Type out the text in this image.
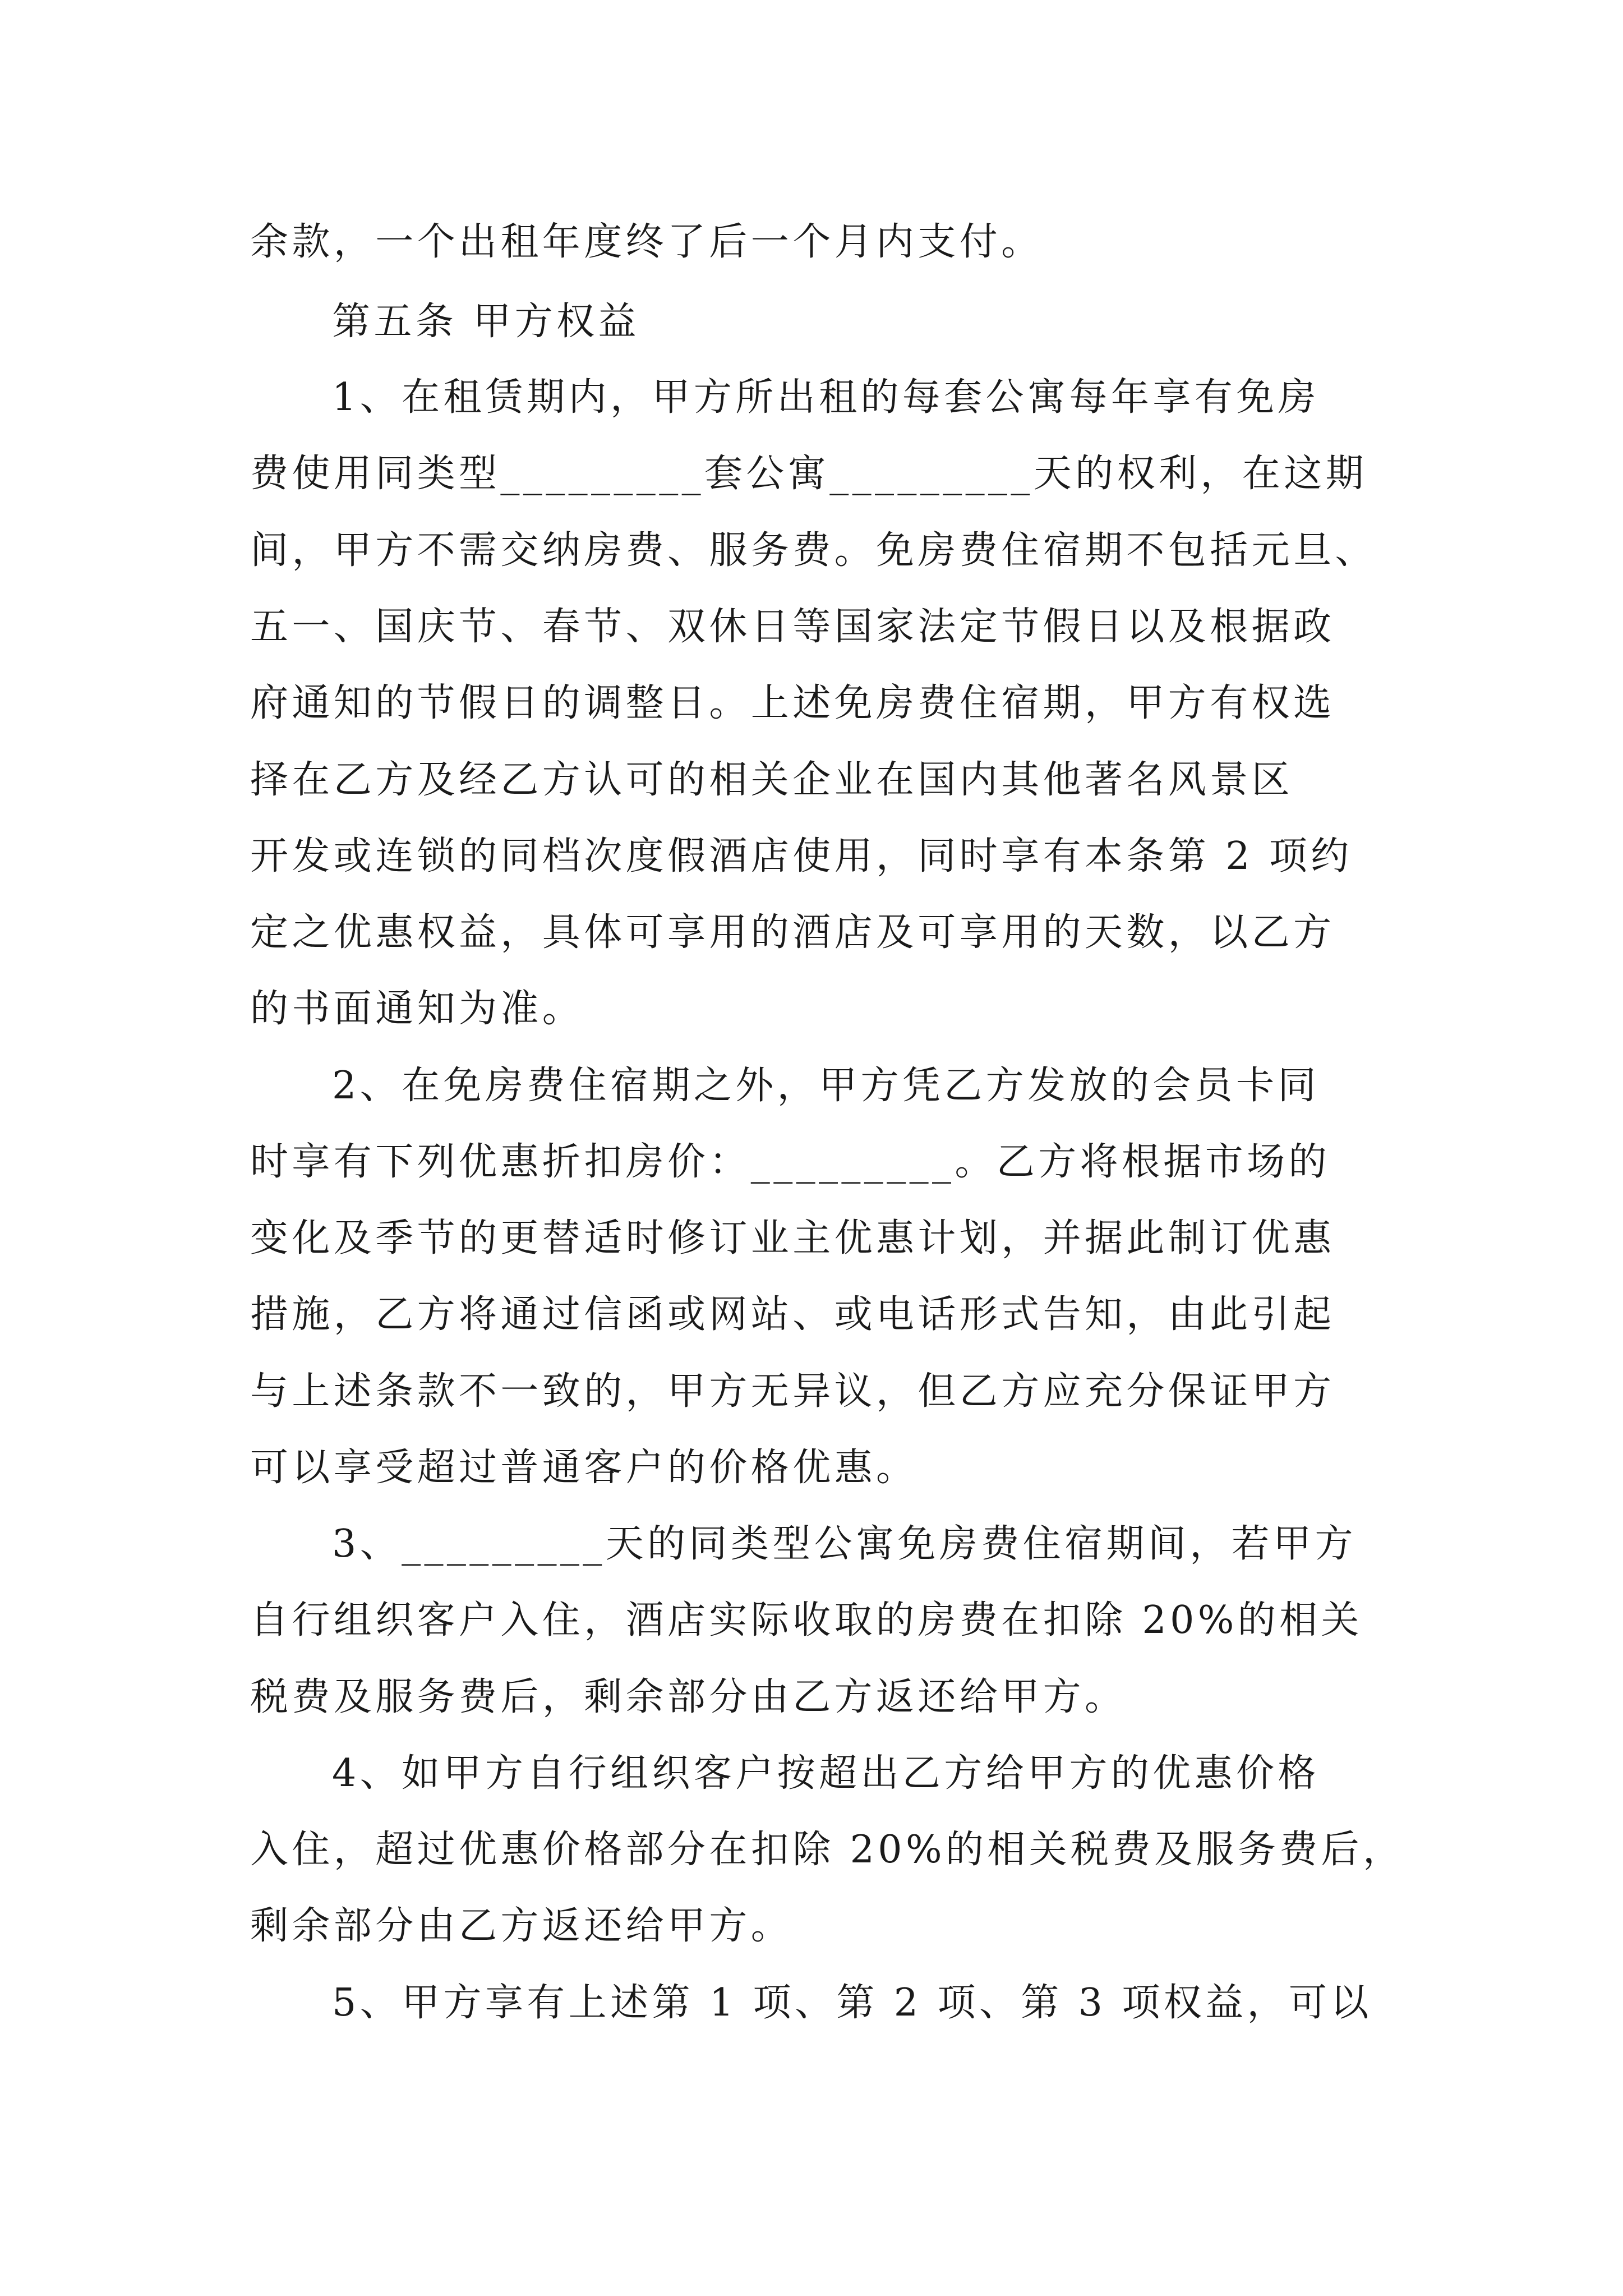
余款，一个出租年度终了后一个月内支付。

第五条 甲方权益

1、在租赁期内，甲方所出租的每套公寓每年享有免房

费使用同类型_________套公寓_________天的权利，在这期

间，甲方不需交纳房费、服务费。免房费住宿期不包括元旦、

五一、国庆节、春节、双休日等国家法定节假日以及根据政

府通知的节假日的调整日。上述免房费住宿期，甲方有权选

择在乙方及经乙方认可的相关企业在国内其他著名风景区

开发或连锁的同档次度假酒店使用，同时享有本条第 2 项约

定之优惠权益，具体可享用的酒店及可享用的天数，以乙方

的书面通知为准。

2、在免房费住宿期之外，甲方凭乙方发放的会员卡同

时享有下列优惠折扣房价：_________。乙方将根据市场的

变化及季节的更替适时修订业主优惠计划，并据此制订优惠

措施，乙方将通过信函或网站、或电话形式告知，由此引起

与上述条款不一致的，甲方无异议，但乙方应充分保证甲方

可以享受超过普通客户的价格优惠。

3、_________天的同类型公寓免房费住宿期间，若甲方

自行组织客户入住，酒店实际收取的房费在扣除 20%的相关

税费及服务费后，剩余部分由乙方返还给甲方。

4、如甲方自行组织客户按超出乙方给甲方的优惠价格

入住，超过优惠价格部分在扣除 20%的相关税费及服务费后，

剩余部分由乙方返还给甲方。

5、甲方享有上述第 1 项、第 2 项、第 3 项权益，可以
